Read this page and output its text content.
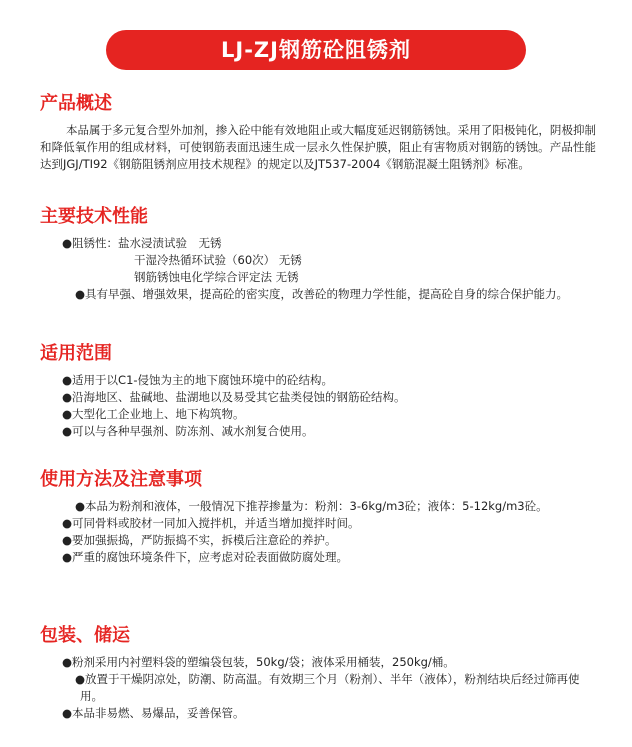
LJ-ZJ钢筋砼阻锈剂
产品概述
本品属于多元复合型外加剂，掺入砼中能有效地阻止或大幅度延迟钢筋锈蚀。采用了阳极钝化，阴极抑制和降低氧作用的组成材料，可使钢筋表面迅速生成一层永久性保护膜，阻止有害物质对钢筋的锈蚀。产品性能达到JGJ/TI92《钢筋阻锈剂应用技术规程》的规定以及JT537-2004《钢筋混凝土阻锈剂》标准。
主要技术性能
●阻锈性：盐水浸渍试验　无锈
干湿冷热循环试验（60次） 无锈
钢筋锈蚀电化学综合评定法 无锈
●具有早强、增强效果，提高砼的密实度，改善砼的物理力学性能，提高砼自身的综合保护能力。
适用范围
●适用于以C1-侵蚀为主的地下腐蚀环境中的砼结构。
●沿海地区、盐碱地、盐湖地以及易受其它盐类侵蚀的钢筋砼结构。
●大型化工企业地上、地下构筑物。
●可以与各种早强剂、防冻剂、减水剂复合使用。
使用方法及注意事项
●本品为粉剂和液体，一般情况下推荐掺量为：粉剂：3-6kg/m3砼；液体：5-12kg/m3砼。
●可同骨料或胶材一同加入搅拌机，并适当增加搅拌时间。
●要加强振捣，严防振捣不实，拆模后注意砼的养护。
●严重的腐蚀环境条件下，应考虑对砼表面做防腐处理。
包装、储运
●粉剂采用内衬塑料袋的塑编袋包装，50kg/袋；液体采用桶装，250kg/桶。
●放置于干燥阴凉处，防潮、防高温。有效期三个月（粉剂）、半年（液体），粉剂结块后经过筛再使用。
●本品非易燃、易爆品，妥善保管。
